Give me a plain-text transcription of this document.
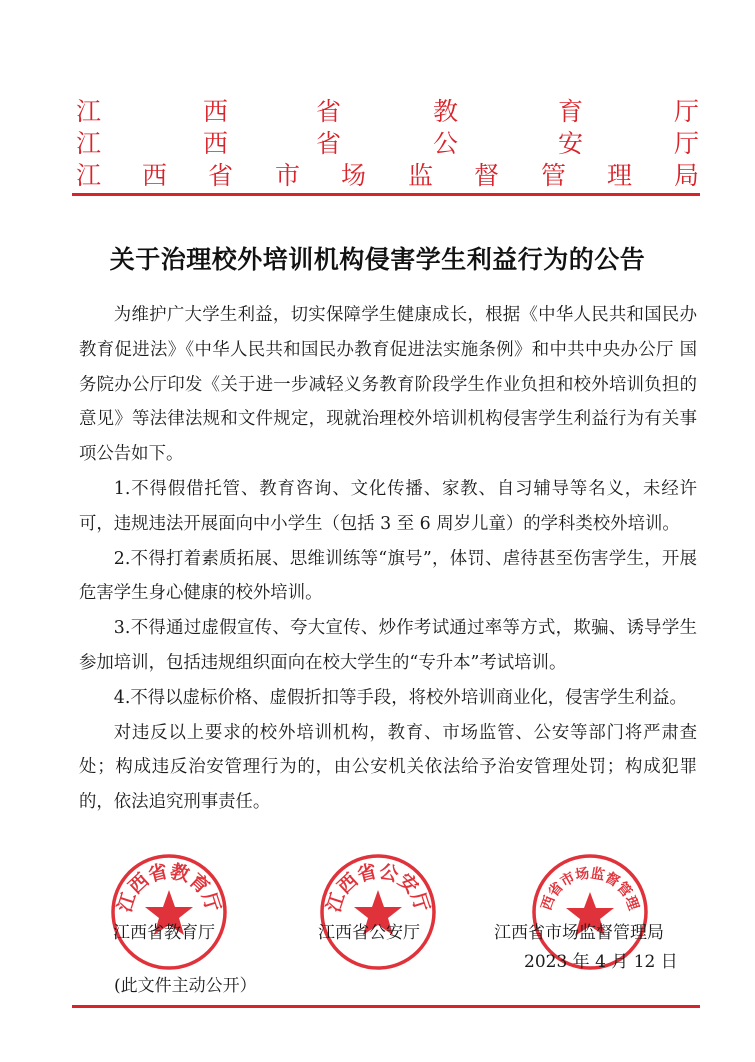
江	西	省	教	育	厅
江	西	省	公	安	厅
江 西 省 市 场 监 督 管 理 局
关于治理校外培训机构侵害学生利益行为的公告

为维护广大学生利益，切实保障学生健康成长，根据《中华人民共和国民办教育促进法》《中华人民共和国民办教育促进法实施条例》和中共中央办公厅 国务院办公厅印发《关于进一步减轻义务教育阶段学生作业负担和校外培训负担的意见》等法律法规和文件规定，现就治理校外培训机构侵害学生利益行为有关事项公告如下。

1.不得假借托管、教育咨询、文化传播、家教、自习辅导等名义，未经许可，违规违法开展面向中小学生（包括 3 至 6 周岁儿童）的学科类校外培训。

2.不得打着素质拓展、思维训练等“旗号”，体罚、虐待甚至伤害学生，开展危害学生身心健康的校外培训。

3.不得通过虚假宣传、夸大宣传、炒作考试通过率等方式，欺骗、诱导学生参加培训，包括违规组织面向在校大学生的“专升本”考试培训。

4.不得以虚标价格、虚假折扣等手段，将校外培训商业化，侵害学生利益。

对违反以上要求的校外培训机构，教育、市场监管、公安等部门将严肃查处；构成违反治安管理行为的，由公安机关依法给予治安管理处罚；构成犯罪的，依法追究刑事责任。

江西省教育厅	江西省公安厅	西省市场监督管理
江西省教育厅	江西省公安厅	江西省市场监督管理局
2023 年 4 月 12 日
(此文件主动公开）
